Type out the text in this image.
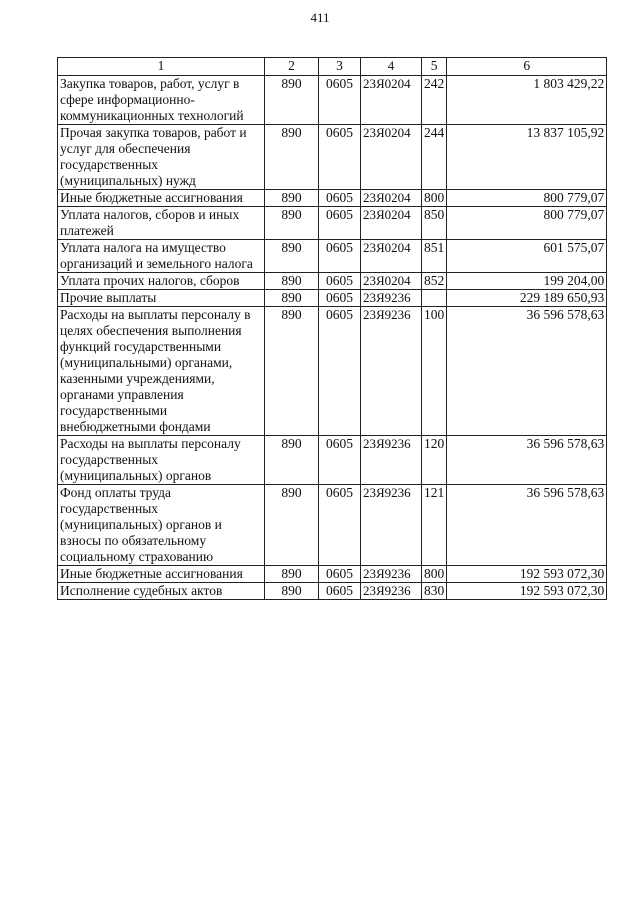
411
1	2	3	4	5	6
Закупка товаров, работ, услуг в сфере информационно-коммуникационных технологий	890	0605	23Я0204	242	1 803 429,22
Прочая закупка товаров, работ и услуг для обеспечения государственных (муниципальных) нужд	890	0605	23Я0204	244	13 837 105,92
Иные бюджетные ассигнования	890	0605	23Я0204	800	800 779,07
Уплата налогов, сборов и иных платежей	890	0605	23Я0204	850	800 779,07
Уплата налога на имущество организаций и земельного налога	890	0605	23Я0204	851	601 575,07
Уплата прочих налогов, сборов	890	0605	23Я0204	852	199 204,00
Прочие выплаты	890	0605	23Я9236		229 189 650,93
Расходы на выплаты персоналу в целях обеспечения выполнения функций государственными (муниципальными) органами, казенными учреждениями, органами управления государственными внебюджетными фондами	890	0605	23Я9236	100	36 596 578,63
Расходы на выплаты персоналу государственных (муниципальных) органов	890	0605	23Я9236	120	36 596 578,63
Фонд оплаты труда государственных (муниципальных) органов и взносы по обязательному социальному страхованию	890	0605	23Я9236	121	36 596 578,63
Иные бюджетные ассигнования	890	0605	23Я9236	800	192 593 072,30
Исполнение судебных актов	890	0605	23Я9236	830	192 593 072,30
